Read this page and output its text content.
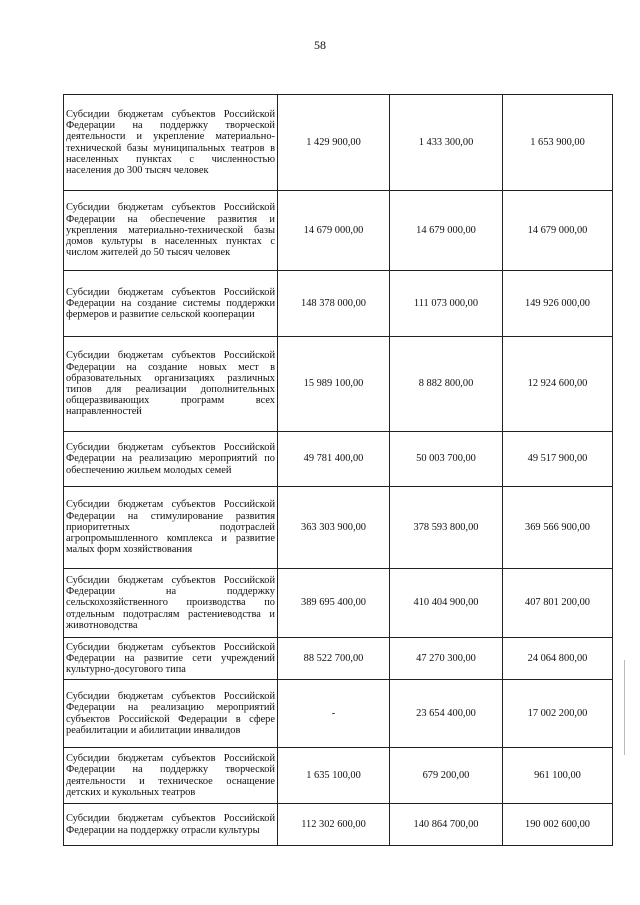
58
Субсидии бюджетам субъектов Российской Федерации на поддержку творческой деятельности и укрепление материально-технической базы муниципальных театров в населенных пунктах с численностью населения до 300 тысяч человек	1 429 900,00	1 433 300,00	1 653 900,00
Субсидии бюджетам субъектов Российской Федерации на обеспечение развития и укрепления материально-технической базы домов культуры в населенных пунктах с числом жителей до 50 тысяч человек	14 679 000,00	14 679 000,00	14 679 000,00
Субсидии бюджетам субъектов Российской Федерации на создание системы поддержки фермеров и развитие сельской кооперации	148 378 000,00	111 073 000,00	149 926 000,00
Субсидии бюджетам субъектов Российской Федерации на создание новых мест в образовательных организациях различных типов для реализации дополнительных общеразвивающих программ всех направленностей	15 989 100,00	8 882 800,00	12 924 600,00
Субсидии бюджетам субъектов Российской Федерации на реализацию мероприятий по обеспечению жильем молодых семей	49 781 400,00	50 003 700,00	49 517 900,00
Субсидии бюджетам субъектов Российской Федерации на стимулирование развития приоритетных подотраслей агропромышленного комплекса и развитие малых форм хозяйствования	363 303 900,00	378 593 800,00	369 566 900,00
Субсидии бюджетам субъектов Российской Федерации на поддержку сельскохозяйственного производства по отдельным подотраслям растениеводства и животноводства	389 695 400,00	410 404 900,00	407 801 200,00
Субсидии бюджетам субъектов Российской Федерации на развитие сети учреждений культурно-досугового типа	88 522 700,00	47 270 300,00	24 064 800,00
Субсидии бюджетам субъектов Российской Федерации на реализацию мероприятий субъектов Российской Федерации в сфере реабилитации и абилитации инвалидов	-	23 654 400,00	17 002 200,00
Субсидии бюджетам субъектов Российской Федерации на поддержку творческой деятельности и техническое оснащение детских и кукольных театров	1 635 100,00	679 200,00	961 100,00
Субсидии бюджетам субъектов Российской Федерации на поддержку отрасли культуры	112 302 600,00	140 864 700,00	190 002 600,00
